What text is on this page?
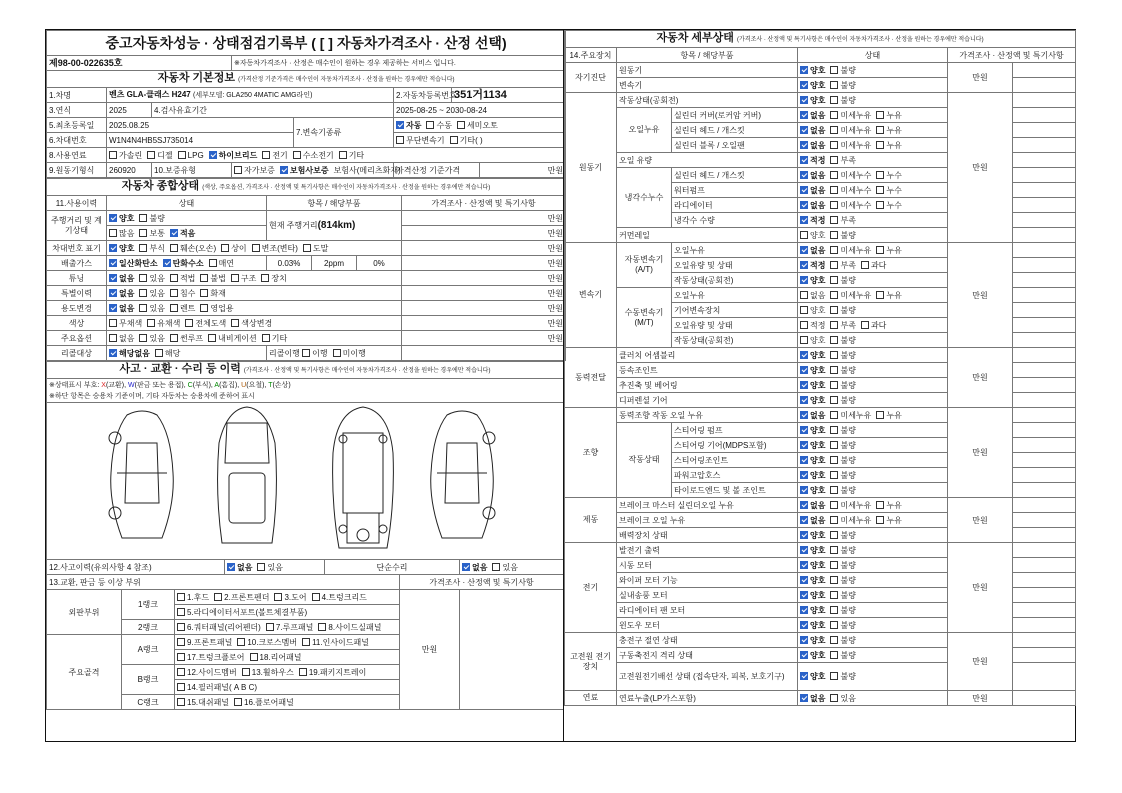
중고자동차성능 · 상태점검기록부 ( [ ] 자동차가격조사 · 산정 선택)							
제98-00-022635호			※자동차가격조사 · 산정은 매수인이 원하는 경우 제공하는 서비스 입니다.				
자동차 기본정보 (가격산정 기준가격은 매수인이 자동차가격조사 · 산정을 원하는 경우에만 적습니다)							
1.차명	벤츠 GLA-클래스 H247 (세부모델: GLA250 4MATIC AMG라인)				2.자동차등록번호	351거1134	
3.연식	2025	4.검사유효기간			2025-08-25 ~ 2030-08-24		
5.최초등록일	2025.08.25			7.변속기종류	자동 수동 세미오토		
6.차대번호	W1N4N4HB5SJ735014				무단변속기 기타( )		
8.사용연료	가솔린 디젤 LPG 하이브리드 전기 수소전기 기타						
9.원동기형식	260920	10.보증유형	자가보증 보험사보증 보험사(메리츠화재)		가격산정 기준가격		만원
자동차 종합상태 (색상, 주요옵션, 가격조사 · 산정액 및 특기사항은 매수인이 자동차가격조사 · 산정을 원하는 경우에만 적습니다)					
11.사용이력	상태	항목 / 해당부품			가격조사 · 산정액 및 특기사항
주행거리 및 계기상태	양호 불량	현재 주행거리(814km)			만원
	많음 보통 적음				만원
차대번호 표기	양호 부식 훼손(오손) 상이 변조(변타) 도말				만원
배출가스	일산화탄소 탄화수소 매연	0.03%	2ppm	0%	만원
튜닝	없음 있음 적법 불법 구조 장치				만원
특별이력	없음 있음 침수 화재				만원
용도변경	없음 있음 렌트 영업용				만원
색상	무채색 유채색 전체도색 색상변경				만원
주요옵션	없음 있음 썬루프 내비게이션 기타				만원
리콜대상	해당없음 해당	리콜이행 이행 미이행			
사고 · 교환 · 수리 등 이력 (가격조사 · 산정액 및 특기사항은 매수인이 자동차가격조사 · 산정을 원하는 경우에만 적습니다)						
※상태표시 부호: X(교환), W(판금 또는 용접), C(부식), A(흠집), U(요철), T(손상)
※하단 항목은 승용차 기준이며, 기타 자동차는 승용차에 준하여 표시						

12.사고이력(유의사항 4 참조)			없음 있음	단순수리		없음 있음
13.교환, 판금 등 이상 부위					가격조사 · 산정액 및 특기사항	
외판부위	1랭크	1.후드 2.프론트펜더 3.도어 4.트렁크리드			만원	
		5.라디에이터서포트(볼트체결부품)				
	2랭크	6.쿼터패널(리어펜더) 7.루프패널 8.사이드실패널				
주요골격	A랭크	9.프론트패널 10.크로스멤버 11.인사이드패널				
		17.트렁크플로어 18.리어패널				
	B랭크	12.사이드멤버 13.휠하우스 19.패키지트레이				
		14.필러패널( A B C)				
	C랭크	15.대쉬패널 16.플로어패널				
자동차 세부상태 (가격조사 · 산정액 및 특기사항은 매수인이 자동차가격조사 · 산정을 원하는 경우에만 적습니다)					
14.주요장치	항목 / 해당부품		상태	가격조사 · 산정액 및 특기사항	
자기진단	원동기		양호 불량	만원	
	변속기		양호 불량		
원동기	작동상태(공회전)		양호 불량	만원	
	오일누유	실린더 커버(로커암 커버)	없음 미세누유 누유		
		실린더 헤드 / 개스킷	없음 미세누유 누유		
		실린더 블록 / 오일팬	없음 미세누유 누유		
	오일 유량		적정 부족		
	냉각수누수	실린더 헤드 / 개스킷	없음 미세누수 누수		
		워터펌프	없음 미세누수 누수		
		라디에이터	없음 미세누수 누수		
		냉각수 수량	적정 부족		
	커먼레일		양호 불량		
변속기	자동변속기 (A/T)	오일누유	없음 미세누유 누유	만원	
		오일유량 및 상태	적정 부족 과다		
		작동상태(공회전)	양호 불량		
	수동변속기 (M/T)	오일누유	없음 미세누유 누유		
		기어변속장치	양호 불량		
		오일유량 및 상태	적정 부족 과다		
		작동상태(공회전)	양호 불량		
동력전달	클러치 어셈블리		양호 불량	만원	
	등속조인트		양호 불량		
	추진축 및 베어링		양호 불량		
	디퍼렌셜 기어		양호 불량		
조향	동력조향 작동 오일 누유		없음 미세누유 누유	만원	
	작동상태	스티어링 펌프	양호 불량		
		스티어링 기어(MDPS포함)	양호 불량		
		스티어링조인트	양호 불량		
		파워고압호스	양호 불량		
		타이로드엔드 및 볼 조인트	양호 불량		
제동	브레이크 마스터 실린더오일 누유		없음 미세누유 누유	만원	
	브레이크 오일 누유		없음 미세누유 누유		
	배력장치 상태		양호 불량		
전기	발전기 출력		양호 불량	만원	
	시동 모터		양호 불량		
	와이퍼 모터 기능		양호 불량		
	실내송풍 모터		양호 불량		
	라디에이터 팬 모터		양호 불량		
	윈도우 모터		양호 불량		
고전원 전기장치	충전구 절연 상태		양호 불량	만원	
	구동축전지 격리 상태		양호 불량		
	고전원전기배선 상태 (접속단자, 피복, 보호기구)		양호 불량		
연료	연료누출(LP가스포함)		없음 있음	만원	
